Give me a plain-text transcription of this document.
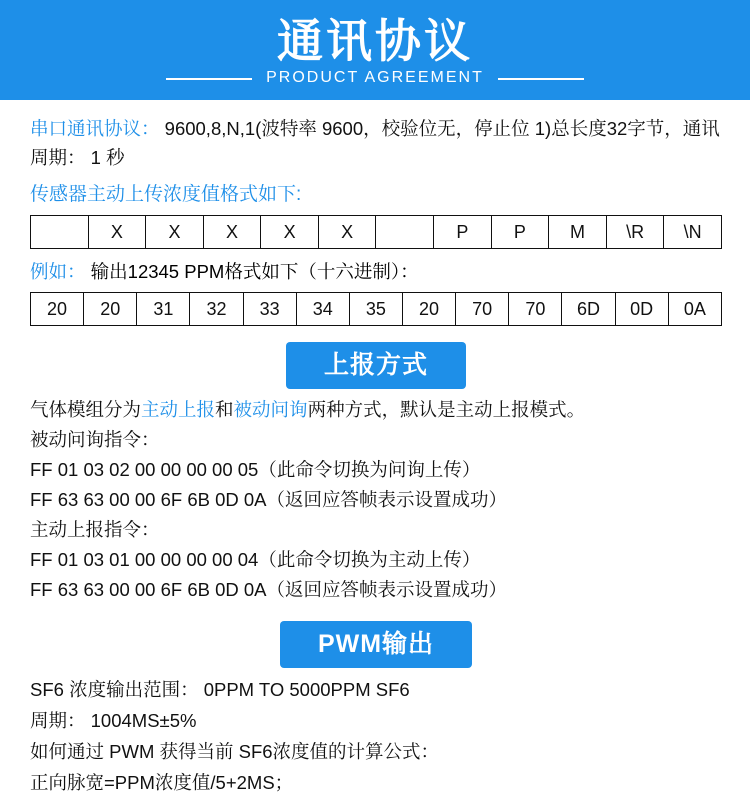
通讯协议
PRODUCT AGREEMENT
串口通讯协议： 9600,8,N,1(波特率 9600，校验位无，停止位 1)总长度32字节，通讯周期： 1 秒
传感器主动上传浓度值格式如下:
	X	X	X	X	X		P	P	M	\R	\N
例如： 输出12345 PPM格式如下（十六进制）：
20	20	31	32	33	34	35	20	70	70	6D	0D	0A
上报方式
气体模组分为主动上报和被动问询两种方式，默认是主动上报模式。
被动问询指令：
FF 01 03 02 00 00 00 00 05（此命令切换为问询上传）
FF 63 63 00 00 6F 6B 0D 0A（返回应答帧表示设置成功）
主动上报指令：
FF 01 03 01 00 00 00 00 04（此命令切换为主动上传）
FF 63 63 00 00 6F 6B 0D 0A（返回应答帧表示设置成功）
PWM输出
SF6 浓度输出范围： 0PPM TO 5000PPM SF6
周期： 1004MS±5%
如何通过 PWM 获得当前 SF6浓度值的计算公式：
正向脉宽=PPM浓度值/5+2MS；
